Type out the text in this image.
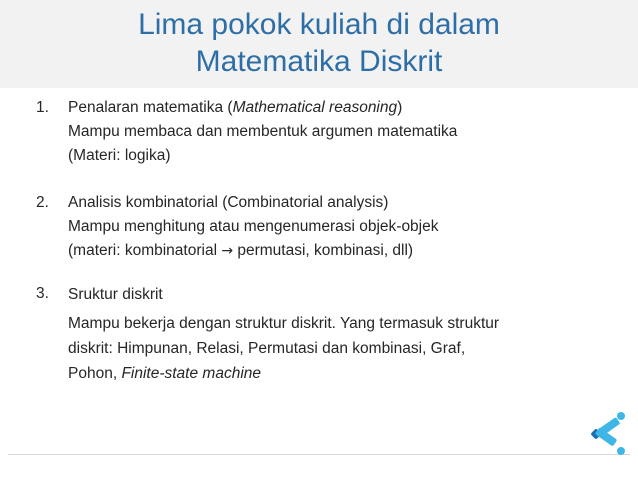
Lima pokok kuliah di dalam
Matematika Diskrit
1. Penalaran matematika (Mathematical reasoning)
Mampu membaca dan membentuk argumen matematika
(Materi: logika)
2. Analisis kombinatorial (Combinatorial analysis)
Mampu menghitung atau mengenumerasi objek-objek
(materi: kombinatorial → permutasi, kombinasi, dll)
3. Sruktur diskrit
Mampu bekerja dengan struktur diskrit. Yang termasuk struktur
diskrit: Himpunan, Relasi, Permutasi dan kombinasi, Graf,
Pohon, Finite-state machine
